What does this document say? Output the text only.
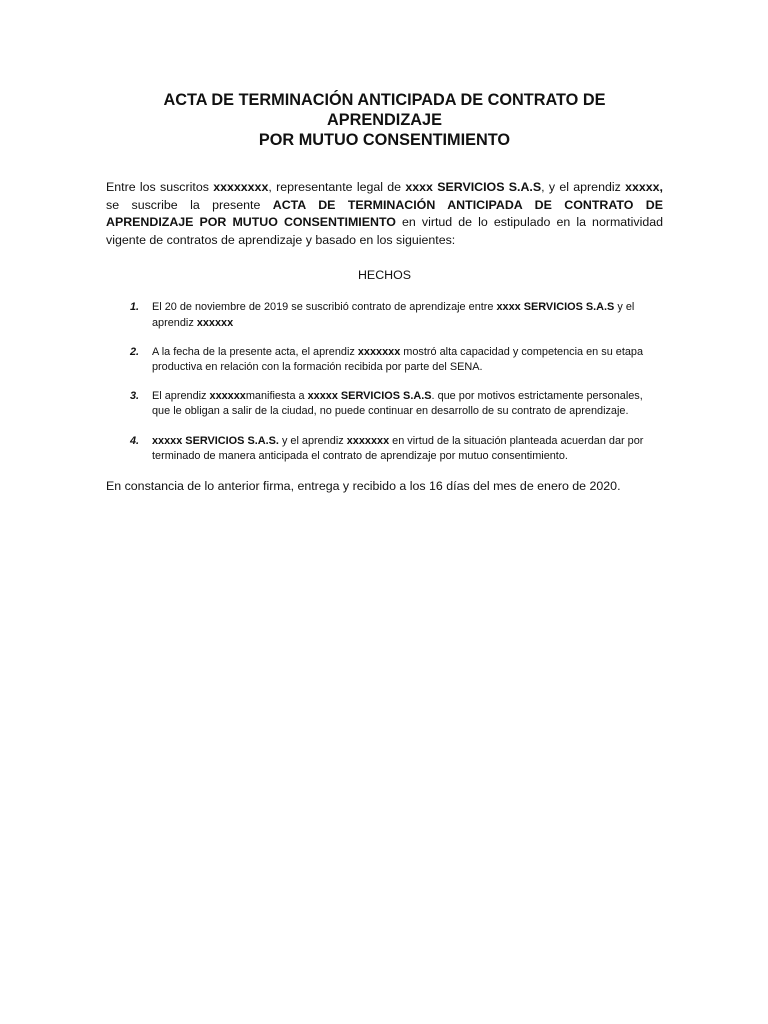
ACTA DE TERMINACIÓN ANTICIPADA DE CONTRATO DE
APRENDIZAJE
POR MUTUO CONSENTIMIENTO

Entre los suscritos xxxxxxxx, representante legal de xxxx SERVICIOS S.A.S, y el aprendiz xxxxx, se suscribe la presente ACTA DE TERMINACIÓN ANTICIPADA DE CONTRATO DE APRENDIZAJE POR MUTUO CONSENTIMIENTO en virtud de lo estipulado en la normatividad vigente de contratos de aprendizaje y basado en los siguientes:

HECHOS
1. El 20 de noviembre de 2019 se suscribió contrato de aprendizaje entre xxxx SERVICIOS S.A.S y el aprendiz xxxxxx
2. A la fecha de la presente acta, el aprendiz xxxxxxx mostró alta capacidad y competencia en su etapa productiva en relación con la formación recibida por parte del SENA.
3. El aprendiz xxxxxxmanifiesta a xxxxx SERVICIOS S.A.S. que por motivos estrictamente personales, que le obligan a salir de la ciudad, no puede continuar en desarrollo de su contrato de aprendizaje.
4. xxxxx SERVICIOS S.A.S. y el aprendiz xxxxxxx en virtud de la situación planteada acuerdan dar por terminado de manera anticipada el contrato de aprendizaje por mutuo consentimiento.

En constancia de lo anterior firma, entrega y recibido a los 16 días del mes de enero de 2020.
